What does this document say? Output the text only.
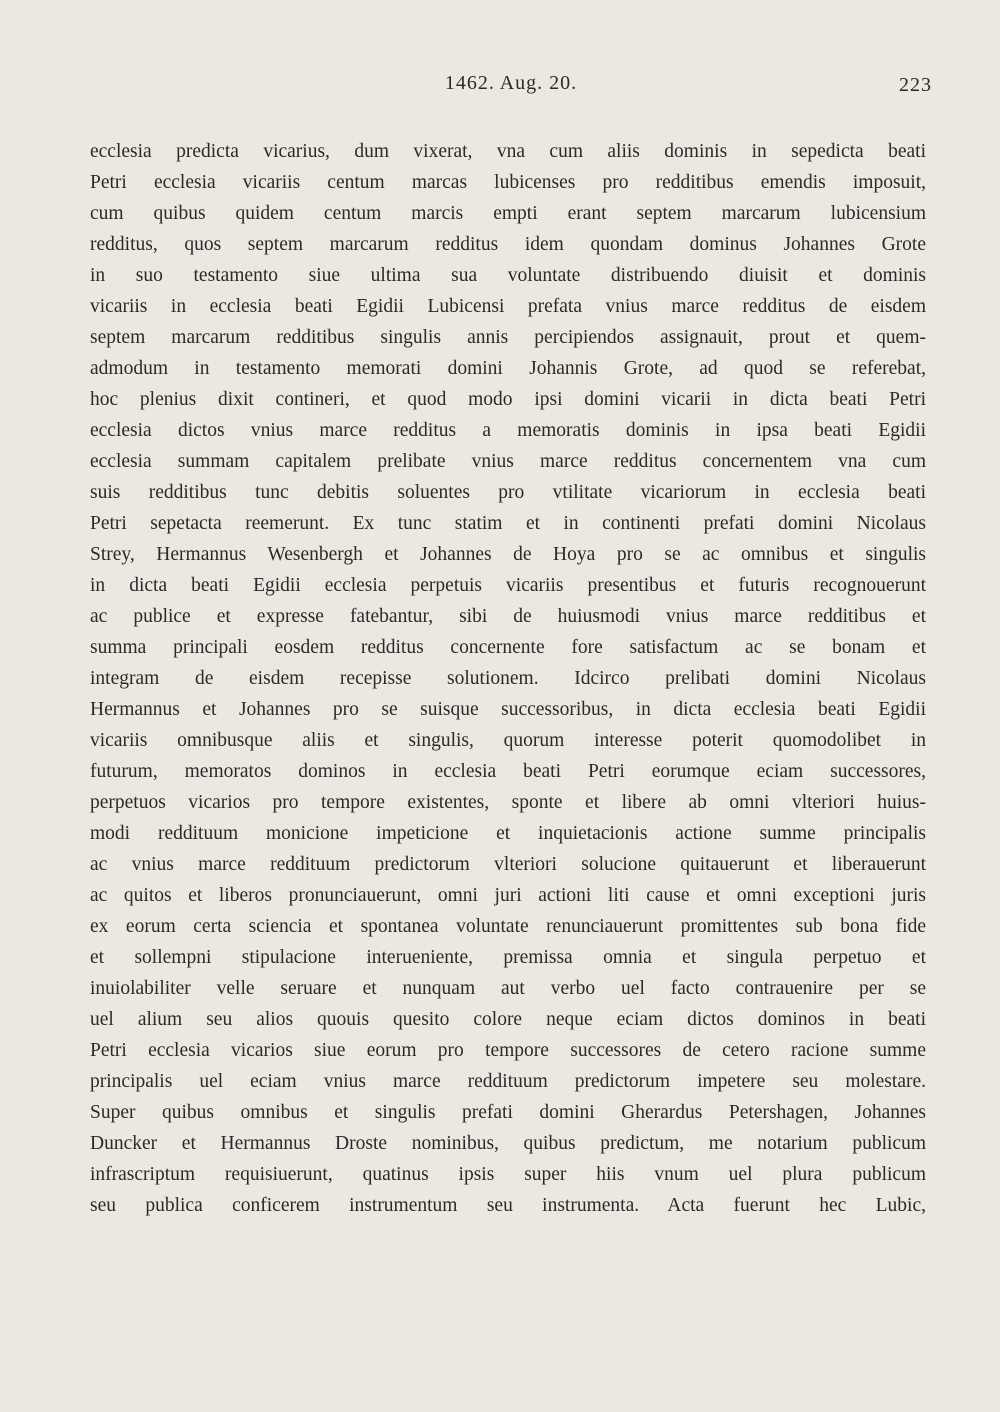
1462. Aug. 20.	223
ecclesia predicta vicarius, dum vixerat, vna cum aliis dominis in sepedicta beati
Petri ecclesia vicariis centum marcas lubicenses pro redditibus emendis imposuit,
cum quibus quidem centum marcis empti erant septem marcarum lubicensium
redditus, quos septem marcarum redditus idem quondam dominus Johannes Grote
in suo testamento siue ultima sua voluntate distribuendo diuisit et dominis
vicariis in ecclesia beati Egidii Lubicensi prefata vnius marce redditus de eisdem
septem marcarum redditibus singulis annis percipiendos assignauit, prout et quem-
admodum in testamento memorati domini Johannis Grote, ad quod se referebat,
hoc plenius dixit contineri, et quod modo ipsi domini vicarii in dicta beati Petri
ecclesia dictos vnius marce redditus a memoratis dominis in ipsa beati Egidii
ecclesia summam capitalem prelibate vnius marce redditus concernentem vna cum
suis redditibus tunc debitis soluentes pro vtilitate vicariorum in ecclesia beati
Petri sepetacta reemerunt. Ex tunc statim et in continenti prefati domini Nicolaus
Strey, Hermannus Wesenbergh et Johannes de Hoya pro se ac omnibus et singulis
in dicta beati Egidii ecclesia perpetuis vicariis presentibus et futuris recognouerunt
ac publice et expresse fatebantur, sibi de huiusmodi vnius marce redditibus et
summa principali eosdem redditus concernente fore satisfactum ac se bonam et
integram de eisdem recepisse solutionem. Idcirco prelibati domini Nicolaus
Hermannus et Johannes pro se suisque successoribus, in dicta ecclesia beati Egidii
vicariis omnibusque aliis et singulis, quorum interesse poterit quomodolibet in
futurum, memoratos dominos in ecclesia beati Petri eorumque eciam successores,
perpetuos vicarios pro tempore existentes, sponte et libere ab omni vlteriori huius-
modi reddituum monicione impeticione et inquietacionis actione summe principalis
ac vnius marce reddituum predictorum vlteriori solucione quitauerunt et liberauerunt
ac quitos et liberos pronunciauerunt, omni juri actioni liti cause et omni exceptioni juris
ex eorum certa sciencia et spontanea voluntate renunciauerunt promittentes sub bona fide
et sollempni stipulacione interueniente, premissa omnia et singula perpetuo et
inuiolabiliter velle seruare et nunquam aut verbo uel facto contrauenire per se
uel alium seu alios quouis quesito colore neque eciam dictos dominos in beati
Petri ecclesia vicarios siue eorum pro tempore successores de cetero racione summe
principalis uel eciam vnius marce reddituum predictorum impetere seu molestare.
Super quibus omnibus et singulis prefati domini Gherardus Petershagen, Johannes
Duncker et Hermannus Droste nominibus, quibus predictum, me notarium publicum
infrascriptum requisiuerunt, quatinus ipsis super hiis vnum uel plura publicum
seu publica conficerem instrumentum seu instrumenta. Acta fuerunt hec Lubic,
